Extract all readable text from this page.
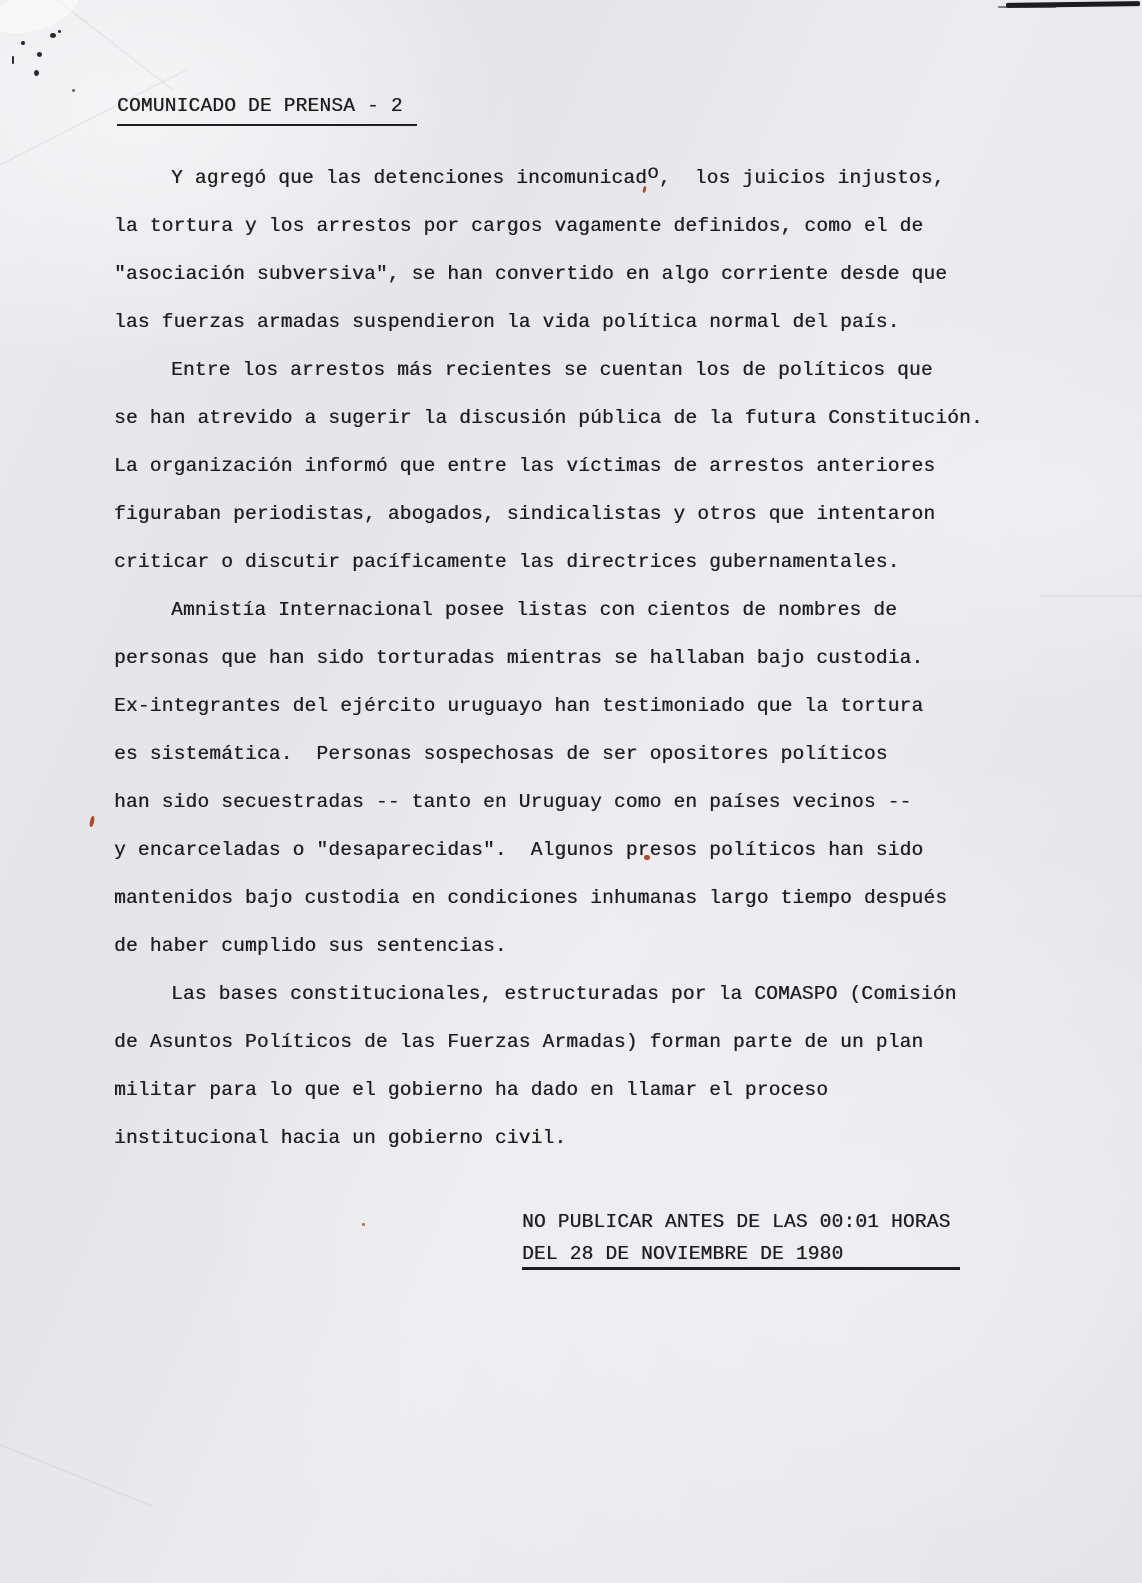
COMUNICADO DE PRENSA - 2
Y agregó que las detenciones incomunicado,  los juicios injustos,
la tortura y los arrestos por cargos vagamente definidos, como el de
"asociación subversiva", se han convertido en algo corriente desde que
las fuerzas armadas suspendieron la vida política normal del país.
Entre los arrestos más recientes se cuentan los de políticos que
se han atrevido a sugerir la discusión pública de la futura Constitución.
La organización informó que entre las víctimas de arrestos anteriores
figuraban periodistas, abogados, sindicalistas y otros que intentaron
criticar o discutir pacíficamente las directrices gubernamentales.
Amnistía Internacional posee listas con cientos de nombres de
personas que han sido torturadas mientras se hallaban bajo custodia.
Ex-integrantes del ejército uruguayo han testimoniado que la tortura
es sistemática.  Personas sospechosas de ser opositores políticos
han sido secuestradas -- tanto en Uruguay como en países vecinos --
y encarceladas o "desaparecidas".  Algunos presos políticos han sido
mantenidos bajo custodia en condiciones inhumanas largo tiempo después
de haber cumplido sus sentencias.
Las bases constitucionales, estructuradas por la COMASPO (Comisión
de Asuntos Políticos de las Fuerzas Armadas) forman parte de un plan
militar para lo que el gobierno ha dado en llamar el proceso
institucional hacia un gobierno civil.
NO PUBLICAR ANTES DE LAS 00:01 HORAS
DEL 28 DE NOVIEMBRE DE 1980
